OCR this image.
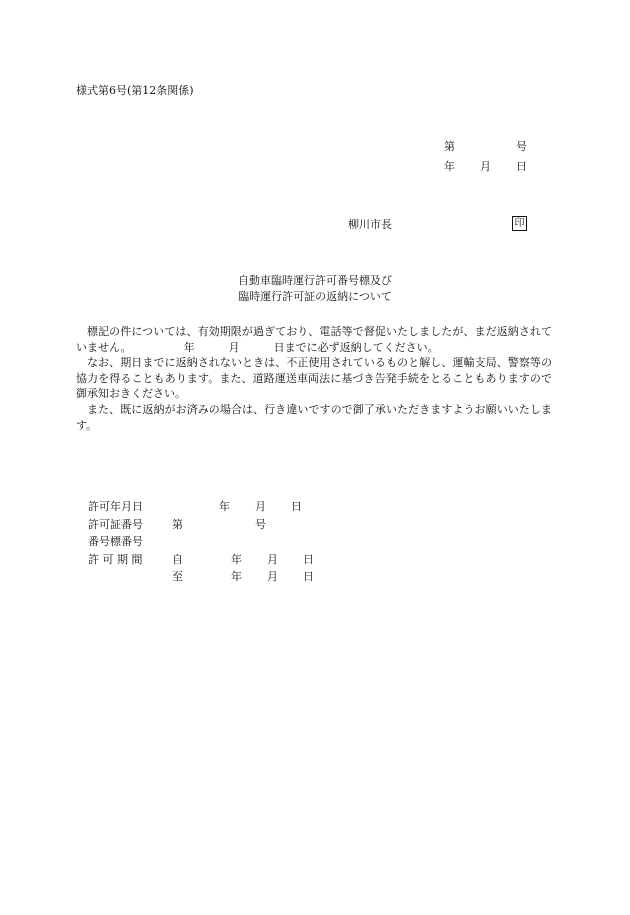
様式第6号(第12条関係)
第	号
年 月 日
柳川市長	印
自動車臨時運行許可番号標及び
臨時運行許可証の返納について

標記の件については、有効期限が過ぎており、電話等で督促いたしましたが、まだ返納されていません。	年	月	日までに必ず返納してください。

なお、期日までに返納されないときは、不正使用されているものと解し、運輸支局、警察等の協力を得ることもあります。また、道路運送車両法に基づき告発手続をとることもありますので御承知おきください。

また、既に返納がお済みの場合は、行き違いですので御了承いただきますようお願いいたします。

許可年月日	年 月 日
許可証番号	第	号
番号標番号
許 可 期 間	自	年 月 日
至	年 月 日
